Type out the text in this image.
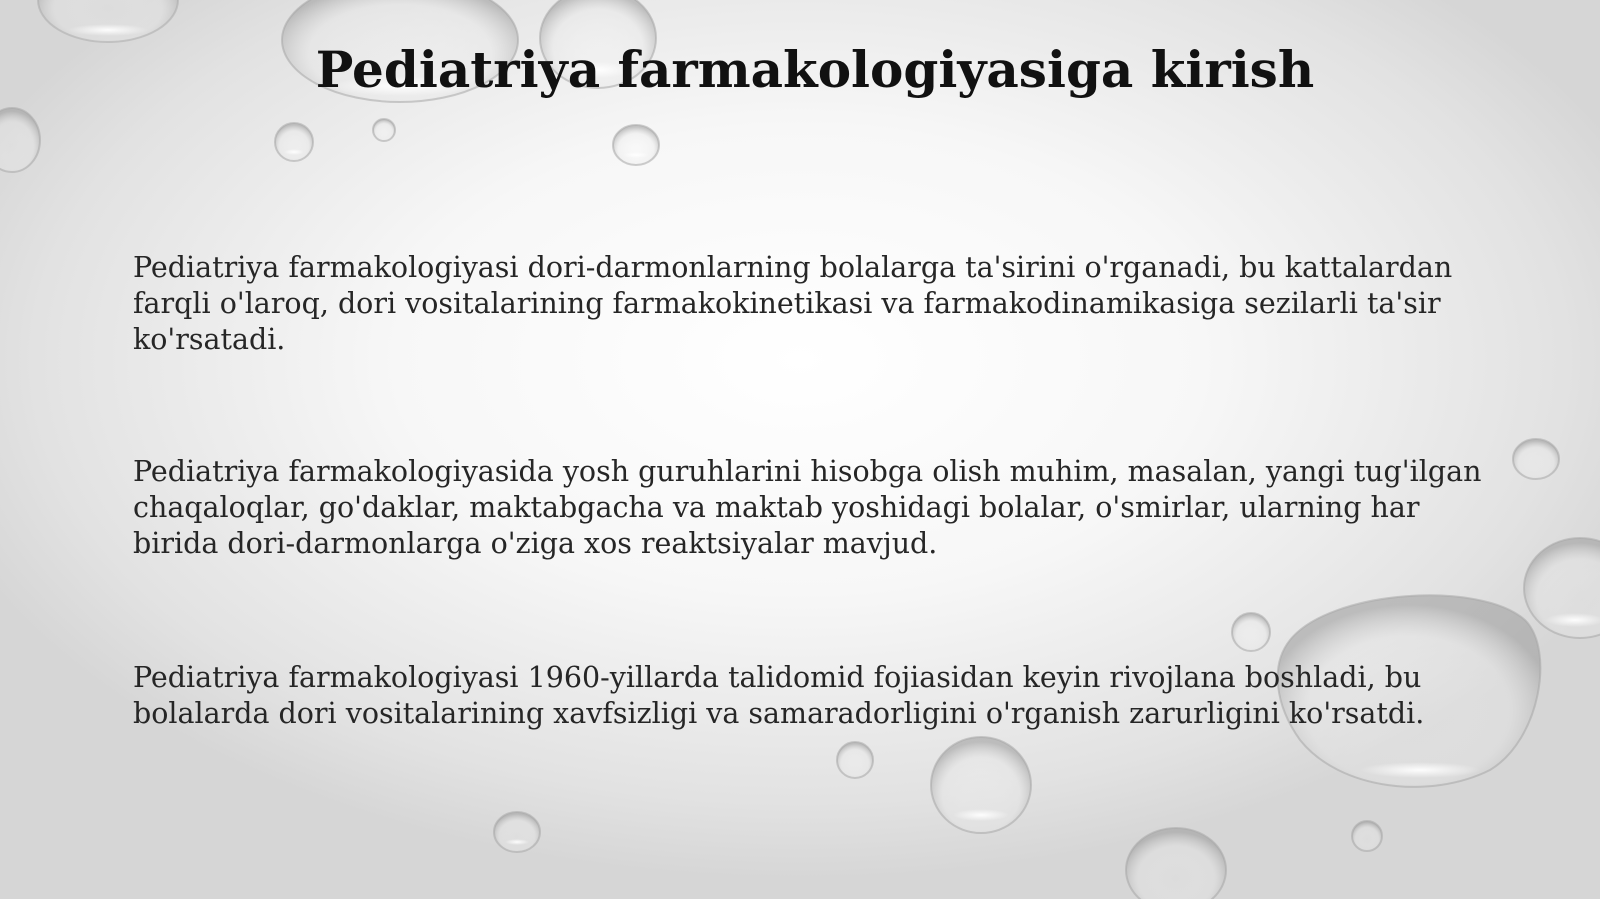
Pediatriya farmakologiyasiga kirish

Pediatriya farmakologiyasi dori-darmonlarning bolalarga ta'sirini o'rganadi, bu kattalardan farqli o'laroq, dori vositalarining farmakokinetikasi va farmakodinamikasiga sezilarli ta'sir ko'rsatadi.

Pediatriya farmakologiyasida yosh guruhlarini hisobga olish muhim, masalan, yangi tug'ilgan chaqaloqlar, go'daklar, maktabgacha va maktab yoshidagi bolalar, o'smirlar, ularning har birida dori-darmonlarga o'ziga xos reaktsiyalar mavjud.

Pediatriya farmakologiyasi 1960-yillarda talidomid fojiasidan keyin rivojlana boshladi, bu bolalarda dori vositalarining xavfsizligi va samaradorligini o'rganish zarurligini ko'rsatdi.
